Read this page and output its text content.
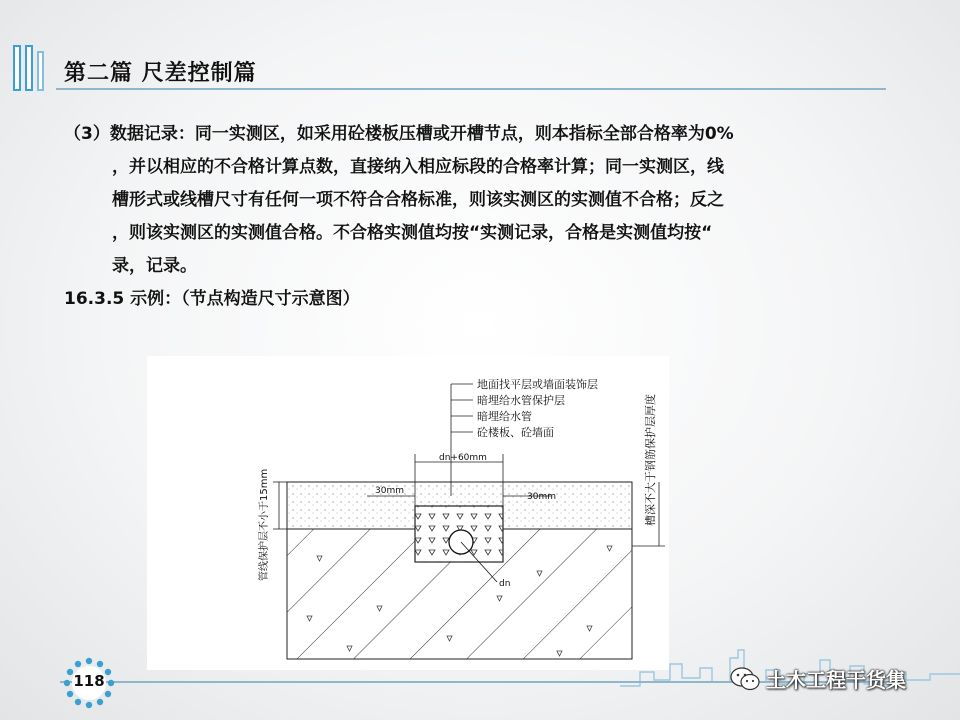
第二篇 尺差控制篇
（3）数据记录：同一实测区，如采用砼楼板压槽或开槽节点，则本指标全部合格率为0%
，并以相应的不合格计算点数，直接纳入相应标段的合格率计算；同一实测区，线
槽形式或线槽尺寸有任何一项不符合合格标准，则该实测区的实测值不合格；反之
，则该实测区的实测值合格。不合格实测值均按“实测记录，合格是实测值均按“
录，记录。
16.3.5 示例：（节点构造尺寸示意图）
dn
地面找平层或墙面装饰层
暗埋给水管保护层
暗埋给水管
砼楼板、砼墙面
dn+60mm
30mm
30mm
管线保护层不小于15mm	槽深不大于钢筋保护层厚度
118	土木工程干货集
